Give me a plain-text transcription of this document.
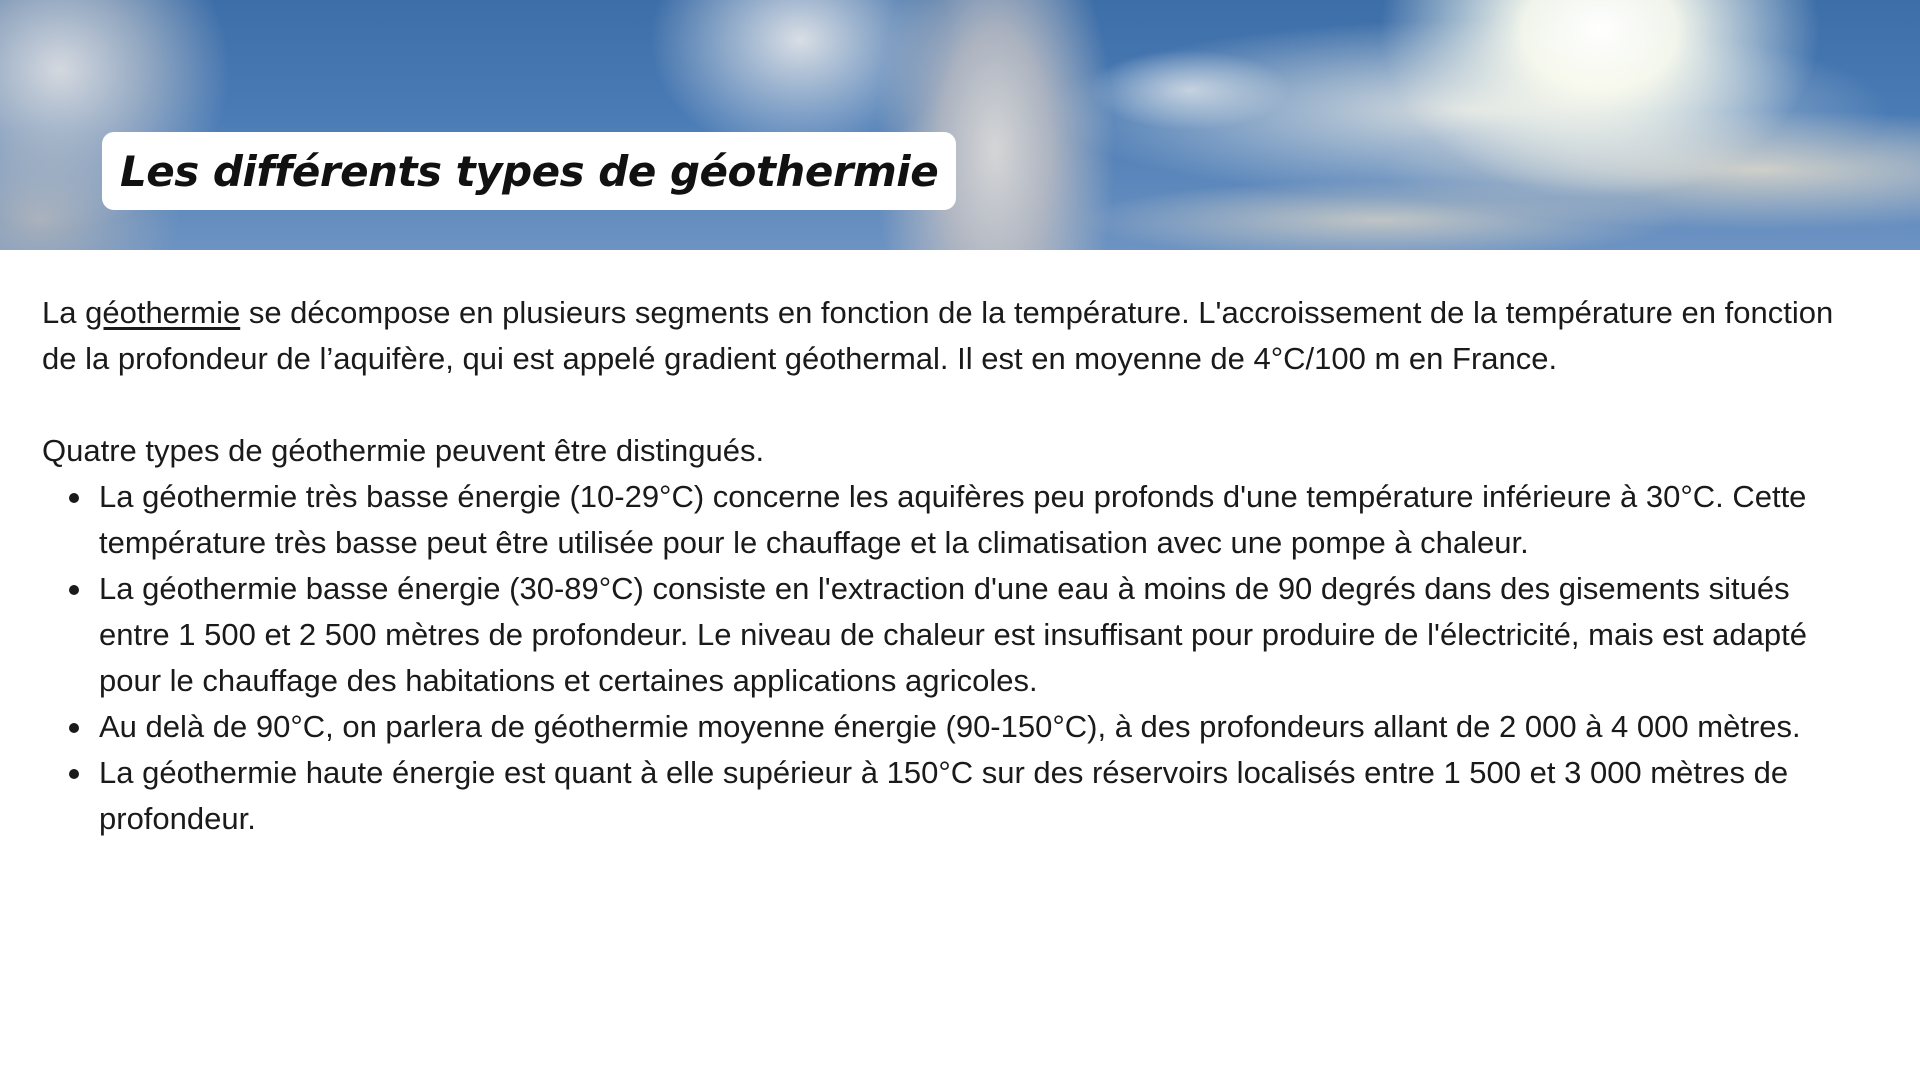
Les différents types de géothermie

La géothermie se décompose en plusieurs segments en fonction de la température. L'accroissement de la température en fonction de la profondeur de l’aquifère, qui est appelé gradient géothermal. Il est en moyenne de 4°C/100 m en France.

Quatre types de géothermie peuvent être distingués.

La géothermie très basse énergie (10-29°C) concerne les aquifères peu profonds d'une température inférieure à 30°C. Cette température très basse peut être utilisée pour le chauffage et la climatisation avec une pompe à chaleur.
La géothermie basse énergie (30-89°C) consiste en l'extraction d'une eau à moins de 90 degrés dans des gisements situés entre 1 500 et 2 500 mètres de profondeur. Le niveau de chaleur est insuffisant pour produire de l'électricité, mais est adapté pour le chauffage des habitations et certaines applications agricoles.
Au delà de 90°C, on parlera de géothermie moyenne énergie (90-150°C), à des profondeurs allant de 2 000 à 4 000 mètres.
La géothermie haute énergie est quant à elle supérieur à 150°C sur des réservoirs localisés entre 1 500 et 3 000 mètres de profondeur.
